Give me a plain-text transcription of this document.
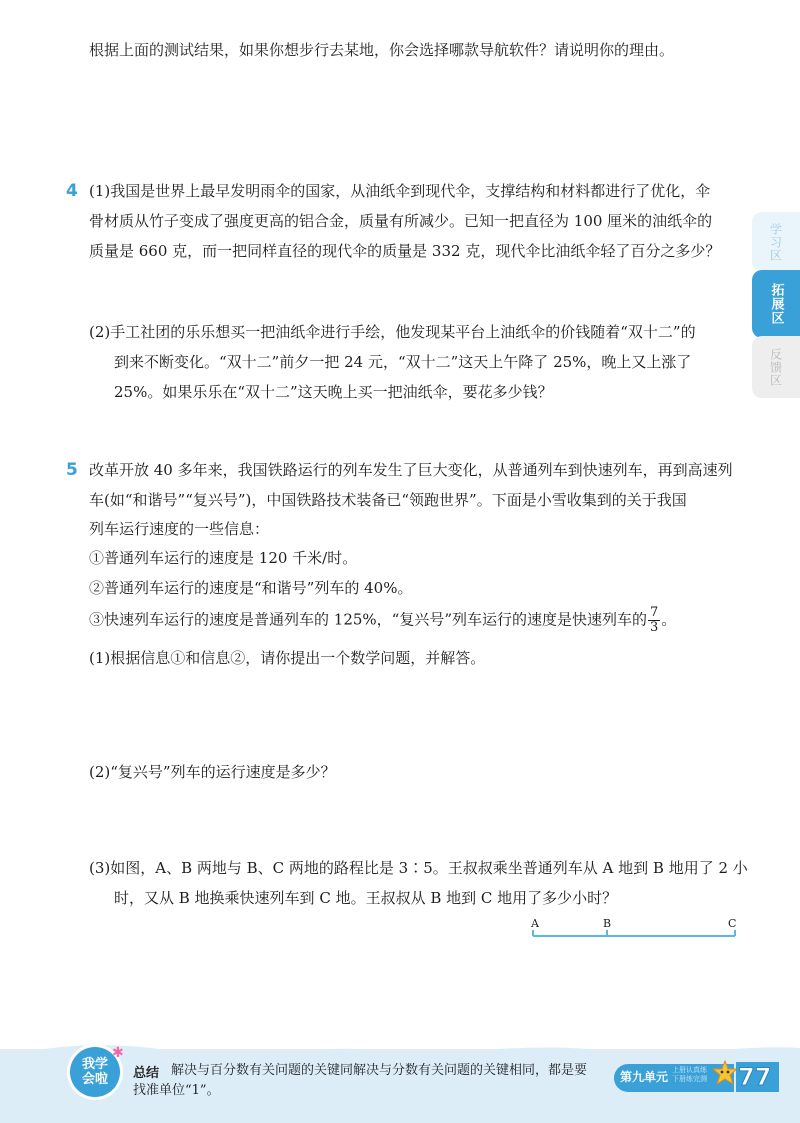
根据上面的测试结果，如果你想步行去某地，你会选择哪款导航软件？请说明你的理由。
4 (1)我国是世界上最早发明雨伞的国家，从油纸伞到现代伞，支撑结构和材料都进行了优化，伞
骨材质从竹子变成了强度更高的铝合金，质量有所减少。已知一把直径为 100 厘米的油纸伞的
质量是 660 克，而一把同样直径的现代伞的质量是 332 克，现代伞比油纸伞轻了百分之多少？
(2)手工社团的乐乐想买一把油纸伞进行手绘，他发现某平台上油纸伞的价钱随着“双十二”的
到来不断变化。“双十二”前夕一把 24 元，“双十二”这天上午降了 25%，晚上又上涨了
25%。如果乐乐在“双十二”这天晚上买一把油纸伞，要花多少钱？
5 改革开放 40 多年来，我国铁路运行的列车发生了巨大变化，从普通列车到快速列车，再到高速列
车(如“和谐号”“复兴号”)，中国铁路技术装备已“领跑世界”。下面是小雪收集到的关于我国
列车运行速度的一些信息：
①普通列车运行的速度是 120 千米/时。
②普通列车运行的速度是“和谐号”列车的 40%。
③快速列车运行的速度是普通列车的 125%，“复兴号”列车运行的速度是快速列车的 $\frac{7}{3}$ 。
(1)根据信息①和信息②，请你提出一个数学问题，并解答。
(2)“复兴号”列车的运行速度是多少？
(3)如图，A、B 两地与 B、C 两地的路程比是 3∶5。王叔叔乘坐普通列车从 A 地到 B 地用了 2 小
时，又从 B 地换乘快速列车到 C 地。王叔叔从 B 地到 C 地用了多少小时？
A	B	C
学习区
拓展区
反馈区
我学会啦
✱
总结 解决与百分数有关问题的关键同解决与分数有关问题的关键相同，都是要
找准单位“1”。
第九单元 上册认真练 下册练完测	77
